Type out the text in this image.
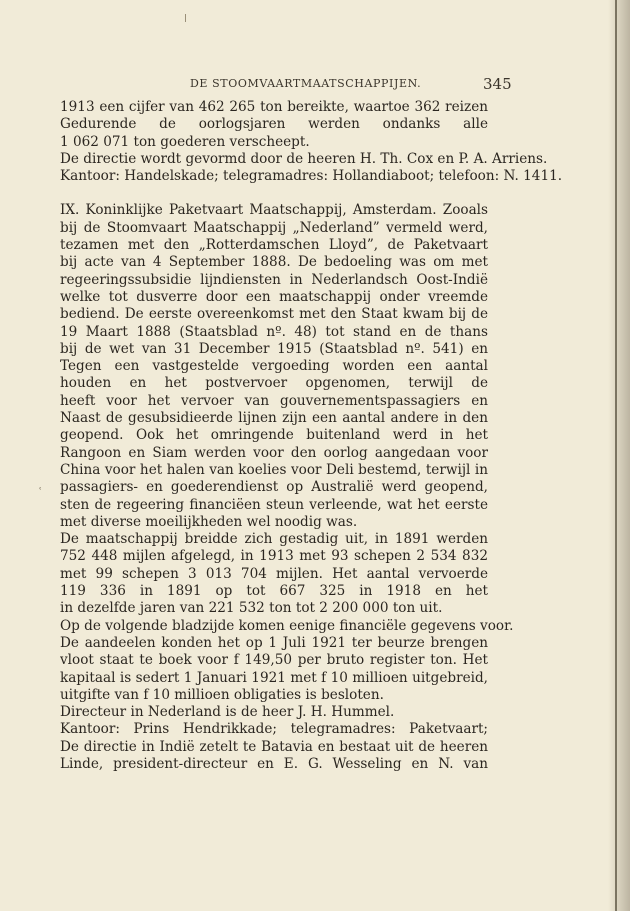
DE STOOMVAARTMAATSCHAPPIJEN.	345
ʿ
1913 een cijfer van 462 265 ton bereikte, waartoe 362 reizen
Gedurende de oorlogsjaren werden ondanks alle
1 062 071 ton goederen verscheept.
De directie wordt gevormd door de heeren H. Th. Cox en P. A. Arriens.
Kantoor: Handelskade; telegramadres: Hollandiaboot; telefoon: N. 1411.
IX. Koninklijke Paketvaart Maatschappij, Amsterdam. Zooals
bij de Stoomvaart Maatschappij „Nederland” vermeld werd,
tezamen met den „Rotterdamschen Lloyd”, de Paketvaart
bij acte van 4 September 1888. De bedoeling was om met
regeeringssubsidie lijndiensten in Nederlandsch Oost-Indië
welke tot dusverre door een maatschappij onder vreemde
bediend. De eerste overeenkomst met den Staat kwam bij de
19 Maart 1888 (Staatsblad nº. 48) tot stand en de thans
bij de wet van 31 December 1915 (Staatsblad nº. 541) en
Tegen een vastgestelde vergoeding worden een aantal
houden en het postvervoer opgenomen, terwijl de
heeft voor het vervoer van gouvernementspassagiers en
Naast de gesubsidieerde lijnen zijn een aantal andere in den
geopend. Ook het omringende buitenland werd in het
Rangoon en Siam werden voor den oorlog aangedaan voor
China voor het halen van koelies voor Deli bestemd, terwijl in
passagiers- en goederendienst op Australië werd geopend,
sten de regeering financiëen steun verleende, wat het eerste
met diverse moeilijkheden wel noodig was.
De maatschappij breidde zich gestadig uit, in 1891 werden
752 448 mijlen afgelegd, in 1913 met 93 schepen 2 534 832
met 99 schepen 3 013 704 mijlen. Het aantal vervoerde
119 336 in 1891 op tot 667 325 in 1918 en het
in dezelfde jaren van 221 532 ton tot 2 200 000 ton uit.
Op de volgende bladzijde komen eenige financiële gegevens voor.
De aandeelen konden het op 1 Juli 1921 ter beurze brengen
vloot staat te boek voor f 149,50 per bruto register ton. Het
kapitaal is sedert 1 Januari 1921 met f 10 millioen uitgebreid,
uitgifte van f 10 millioen obligaties is besloten.
Directeur in Nederland is de heer J. H. Hummel.
Kantoor: Prins Hendrikkade; telegramadres: Paketvaart;
De directie in Indië zetelt te Batavia en bestaat uit de heeren
Linde, president-directeur en E. G. Wesseling en N. van
